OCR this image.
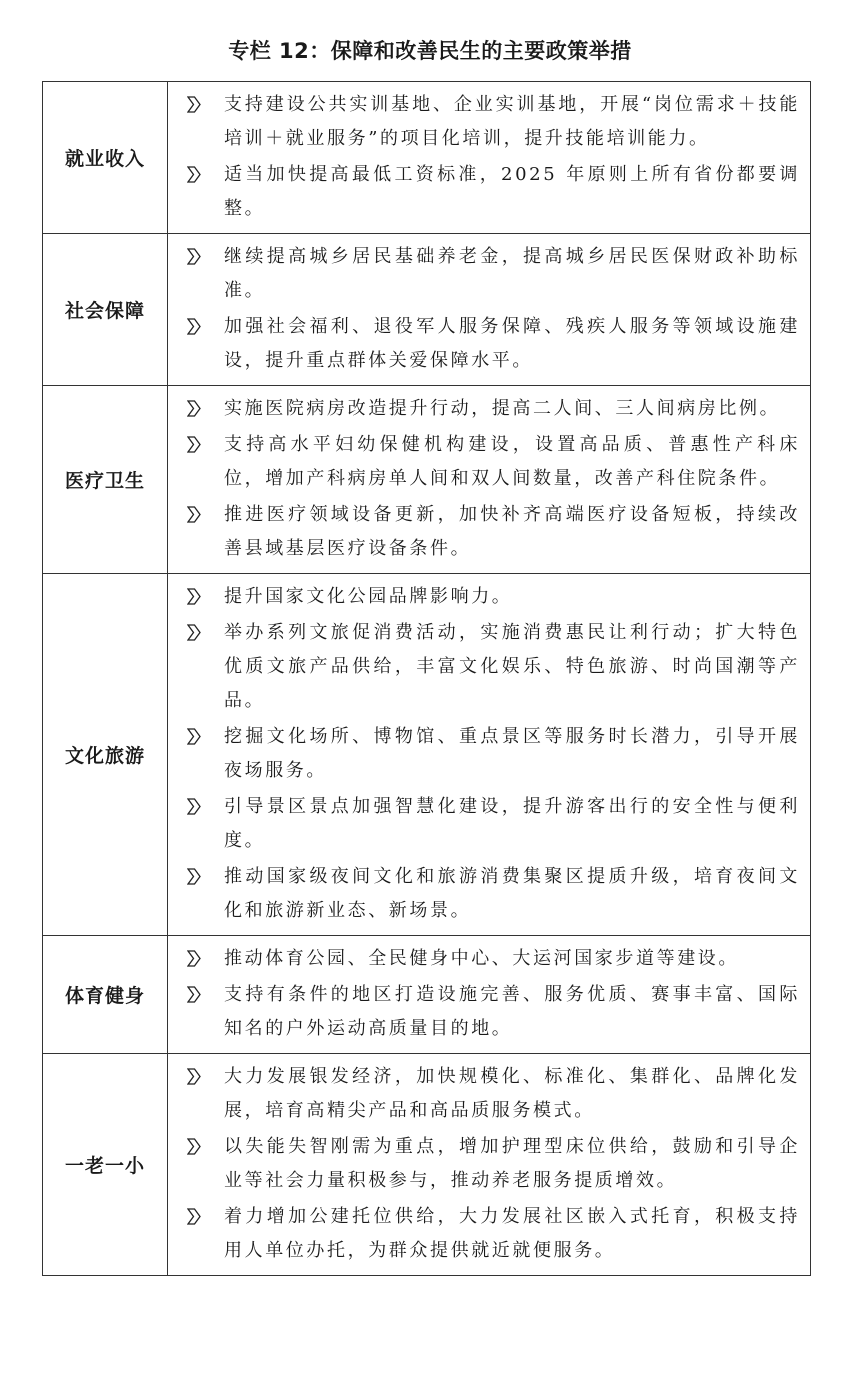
专栏 12：保障和改善民生的主要政策举措
就业收入	支持建设公共实训基地、企业实训基地，开展“岗位需求＋技能培训＋就业服务”的项目化培训，提升技能培训能力。
适当加快提高最低工资标准，2025 年原则上所有省份都要调整。

社会保障	继续提高城乡居民基础养老金，提高城乡居民医保财政补助标准。
加强社会福利、退役军人服务保障、残疾人服务等领域设施建设，提升重点群体关爱保障水平。

医疗卫生	实施医院病房改造提升行动，提高二人间、三人间病房比例。
支持高水平妇幼保健机构建设，设置高品质、普惠性产科床位，增加产科病房单人间和双人间数量，改善产科住院条件。
推进医疗领域设备更新，加快补齐高端医疗设备短板，持续改善县域基层医疗设备条件。

文化旅游	提升国家文化公园品牌影响力。
举办系列文旅促消费活动，实施消费惠民让利行动；扩大特色优质文旅产品供给，丰富文化娱乐、特色旅游、时尚国潮等产品。
挖掘文化场所、博物馆、重点景区等服务时长潜力，引导开展夜场服务。
引导景区景点加强智慧化建设，提升游客出行的安全性与便利度。
推动国家级夜间文化和旅游消费集聚区提质升级，培育夜间文化和旅游新业态、新场景。

体育健身	推动体育公园、全民健身中心、大运河国家步道等建设。
支持有条件的地区打造设施完善、服务优质、赛事丰富、国际知名的户外运动高质量目的地。

一老一小	大力发展银发经济，加快规模化、标准化、集群化、品牌化发展，培育高精尖产品和高品质服务模式。
以失能失智刚需为重点，增加护理型床位供给，鼓励和引导企业等社会力量积极参与，推动养老服务提质增效。
着力增加公建托位供给，大力发展社区嵌入式托育，积极支持用人单位办托，为群众提供就近就便服务。
